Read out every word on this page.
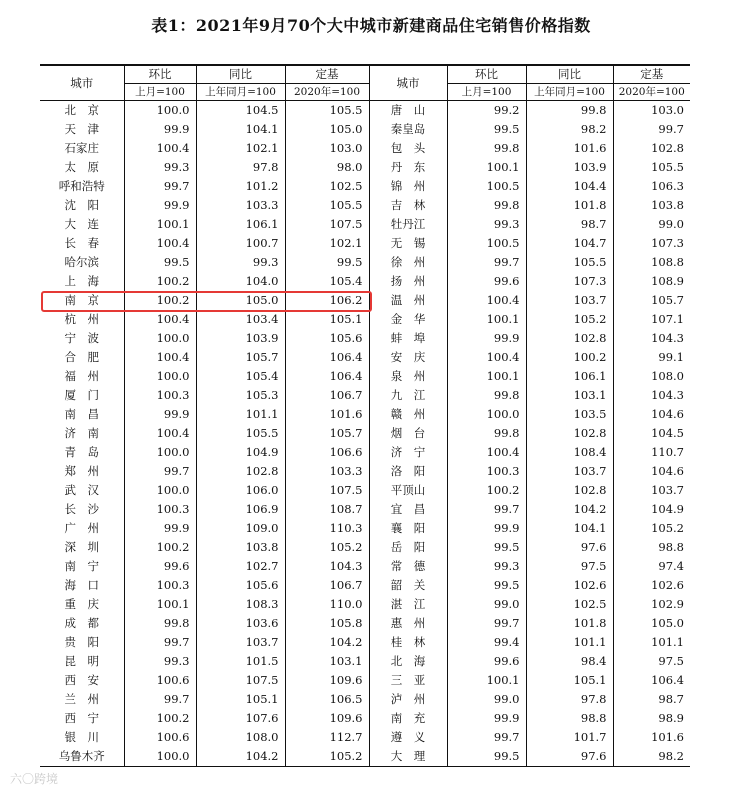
表1：2021年9月70个大中城市新建商品住宅销售价格指数
城市	环比	同比	定基	城市	环比	同比	定基
	上月=100	上年同月=100	2020年=100		上月=100	上年同月=100	2020年=100
北　京	100.0	104.5	105.5	唐　山	99.2	99.8	103.0
天　津	99.9	104.1	105.0	秦皇岛	99.5	98.2	99.7
石家庄	100.4	102.1	103.0	包　头	99.8	101.6	102.8
太　原	99.3	97.8	98.0	丹　东	100.1	103.9	105.5
呼和浩特	99.7	101.2	102.5	锦　州	100.5	104.4	106.3
沈　阳	99.9	103.3	105.5	吉　林	99.8	101.8	103.8
大　连	100.1	106.1	107.5	牡丹江	99.3	98.7	99.0
长　春	100.4	100.7	102.1	无　锡	100.5	104.7	107.3
哈尔滨	99.5	99.3	99.5	徐　州	99.7	105.5	108.8
上　海	100.2	104.0	105.4	扬　州	99.6	107.3	108.9
南　京	100.2	105.0	106.2	温　州	100.4	103.7	105.7
杭　州	100.4	103.4	105.1	金　华	100.1	105.2	107.1
宁　波	100.0	103.9	105.6	蚌　埠	99.9	102.8	104.3
合　肥	100.4	105.7	106.4	安　庆	100.4	100.2	99.1
福　州	100.0	105.4	106.4	泉　州	100.1	106.1	108.0
厦　门	100.3	105.3	106.7	九　江	99.8	103.1	104.3
南　昌	99.9	101.1	101.6	赣　州	100.0	103.5	104.6
济　南	100.4	105.5	105.7	烟　台	99.8	102.8	104.5
青　岛	100.0	104.9	106.6	济　宁	100.4	108.4	110.7
郑　州	99.7	102.8	103.3	洛　阳	100.3	103.7	104.6
武　汉	100.0	106.0	107.5	平顶山	100.2	102.8	103.7
长　沙	100.3	106.9	108.7	宜　昌	99.7	104.2	104.9
广　州	99.9	109.0	110.3	襄　阳	99.9	104.1	105.2
深　圳	100.2	103.8	105.2	岳　阳	99.5	97.6	98.8
南　宁	99.6	102.7	104.3	常　德	99.3	97.5	97.4
海　口	100.3	105.6	106.7	韶　关	99.5	102.6	102.6
重　庆	100.1	108.3	110.0	湛　江	99.0	102.5	102.9
成　都	99.8	103.6	105.8	惠　州	99.7	101.8	105.0
贵　阳	99.7	103.7	104.2	桂　林	99.4	101.1	101.1
昆　明	99.3	101.5	103.1	北　海	99.6	98.4	97.5
西　安	100.6	107.5	109.6	三　亚	100.1	105.1	106.4
兰　州	99.7	105.1	106.5	泸　州	99.0	97.8	98.7
西　宁	100.2	107.6	109.6	南　充	99.9	98.8	98.9
银　川	100.6	108.0	112.7	遵　义	99.7	101.7	101.6
乌鲁木齐	100.0	104.2	105.2	大　理	99.5	97.6	98.2
六〇跨境
